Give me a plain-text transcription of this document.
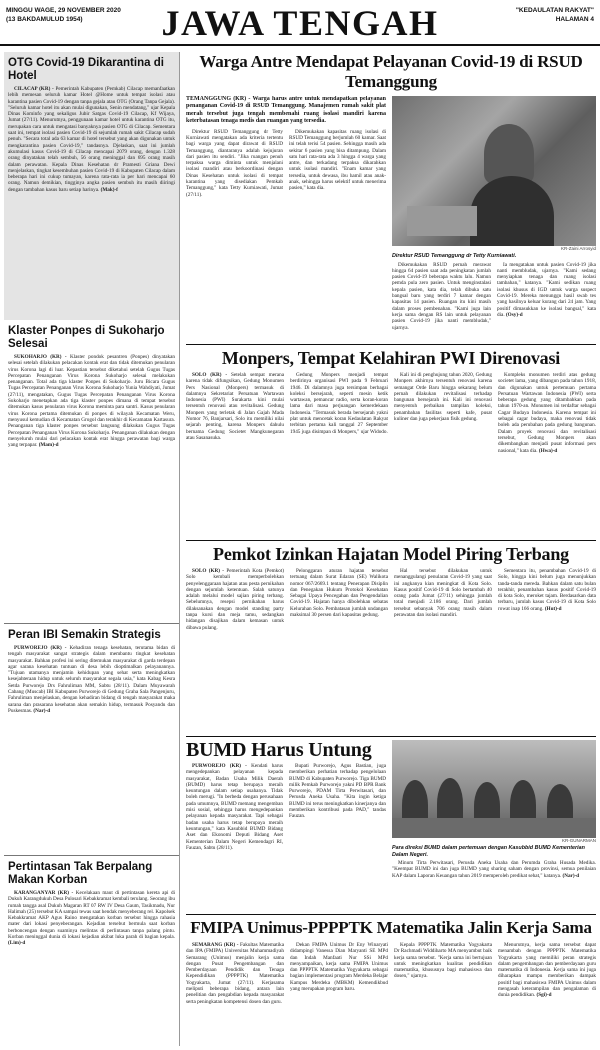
MINGGU WAGE, 29 NOVEMBER 2020
(13 BAKDAMULUD 1954)	JAWA TENGAH	"KEDAULATAN RAKYAT"
HALAMAN 4
OTG Covid-19 Dikarantina di Hotel

CILACAP (KR) - Pemerintah Kabupaten (Pemkab) Cilacap memanfaatkan lebih memesan seluruh kamar Hotel @Home untuk tempat isolasi atau karantina pasien Covid-19 dengan tanpa gejala atau OTG (Orang Tanpa Gejala). "Seluruh kamar hotel itu akan mulai digunakan, Senin mendatang," ujar Kepala Dinas Kominfo yang sekaligus Jubir Satgas Covid-19 Cilacap, Kf Wijaya, Jumat (27/11). Menurutnya, penggunaan kamar hotel untuk karantina OTG itu, merupakan cara untuk mengatasi banyaknya pasien OTG di Cilacap. Sementara saat ini, tempat isolasi pasien Covid-19 di sejumlah rumah sakit Cilacap sudah penuh. "Secara total ada 63 kamar di hotel tersebut yang akan digunakan untuk mengkarantina pasien Covid-19," tandasnya. Djelaskan, saat ini jumlah akumulasi kasus Covid-19 di Cilacap mencapai 2079 orang, dengan 1.328 orang dinyatakan telah sembuh, 56 orang meninggal dan 695 orang masih dalam perawatan. Kepala Dinas Kesehatan dr Pramesti Griana Dewi menjelaskan, tingkat kesembuhan pasien Covid-19 di Kabupaten Cilacap dalam beberapa hari ini cukup tumayan, karena rata-rata ia per hari mencapai 60 orang. Namun demikian, tingginya angka pasien sembuh itu masih diiringi dengan tambahan kasus baru setiap harinya. (Mak)-f

Klaster Ponpes di Sukoharjo Selesai

SUKOHARJO (KR) - Klaster pondok pesantren (Ponpes) dinyatakan selesai setelah dilakukan pelacakan kontak erat dan tidak ditemukan penularan virus Korona lagi di luar. Kepastian tersebut diketahui setelah Gugus Tugas Percepatan Penanganan Virus Korona Sukoharjo selesai melakukan penanganan. Total ada tiga klaster Ponpes di Sukoharjo. Juru Bicara Gugus Tugas Percepatan Penanganan Virus Korona Sukoharjo Yunia Wahdiyati, Jumat (27/11), mengatakan, Gugus Tugas Percepatan Penanganan Virus Korona Sukoharjo menetapkan ada tiga klaster ponpes dimana di tempat tersebut ditemukan kasus penularan virus Korona meminta para santri. Kasus penularan virus Korona pertama ditemukan di ponpes di wilayah Kecamatan Weru, menyusul kemudian di Kecamatan Grogol dan terakhir di Kecamatan Kartasura. Penanganan tiga klaster ponpes tersebut langsung dilakukan Gugus Tugas Percepatan Penanganan Virus Korona Sukoharjo. Penanganan dilakukan dengan menyeluruh mulai dari pelacakan kontak erat hingga perawatan bagi warga yang terpapar. (Mam)-d

Peran IBI Semakin Strategis

PURWOREJO (KR) - Kehadiran tenaga kesehatan, terutama bidan di tengah masyarakat sangat strategis dalam membantu tingkat kesehatan masyarakat. Bahkan profesi ini sering ditemukan masyarakat di garda terdepan agar sarana kesehatan tuntuan di desa lebih dioptimalkan pelayanannya. "Tujuan utamanya menjamin kehidupan yang sehat serta meningkatkan kesejahteraan hidup untuk seluruh masyarakat segala usia," kata Kabag Kesra Setda Purworejo Drs Fahruliman MM, Sabtu (28/11). Dalam Muyawarah Cabang (Muscab) IBI Kabupaten Purworejo di Gedung Graha Sala Pangenjuru, Fahruliman menjelaskan, dengan kehadiran bidang di tengah masyarakat maka sarana dan prasarana kesehatan akan semakin hidup, termasuk Posyandu dan Puskesmas. (Nar)-d

Pertintasan Tak Berpalang Makan Korban

KARANGANYAR (KR) - Kecelakaan maut di pertintasan kereta api di Dukuh Karangdukuh Desa Pulosari Kebakkramat kembali terulang. Seorang ibu rumah tangga asal Dukuh Magaran RT 07 RW IV Desa Gaum, Tasikmadu, Nur Halimah (25) tersebut KA sampai tewas saat hendak menyeberang rel. Kapolsek Kebakkramat AKP Agus Raino mengatakan korban tersebut hingga rahasia mater dari lokasi penyeberangan. Kejadian tersebut bermula saat korban berboncengan dengan suaminya melintas di perlintasan tanpa palang pintu. Korban meninggal dunia di lokasi kejadian akibat luka parah di bagian kepala. (Lim)-d

Warga Antre Mendapat Pelayanan Covid-19 di RSUD Temanggung

TEMANGGUNG (KR) - Warga harus antre untuk mendapatkan pelayanan penanganan Covid-19 di RSUD Temanggung. Manajemen rumah sakit plat merah tersebut juga tengah membenahi ruang isolasi mandiri karena keterbatasan tenaga medis dan ruangan yang tersedia.

Direktur RSUD Temanggung dr Tetty Kurniawati mengatakan ada kriteria tertentu bagi warga yang dapat dirawat di RSUD Temanggung, diantaranya adalah kejujuran dari pasien itu sendiri. "Jika ruangan penuh terpaksa warga diminta untuk menjalani isolasi mandiri atau berkoordinasi dengan Dinas Kesehatan untuk isolasi di tempat karantina yang disediakan Pemkab Temanggung," kata Tetty Kurniawati, Jumat (27/11).

Dikemukakan kapasitas ruang isolasi di RSUD Temanggung berjumlah 60 kamar. Saat ini telah terisi 54 pasien. Sehingga masih ada sekitar 6 pasien yang bisa ditampung. Dalam satu hari rata-rata ada 3 hingga 4 warga yang antre, dan terkadang terpaksa dikarahkan untuk isolasi mandiri. "Enam kamar yang tersedia, untuk dewasa, ibu hamil atau anak-anak, sehingga harus selektif untuk menerima pasien," kata dia.

KR-Zaini Arrosyid

Direktur RSUD Temanggung dr Tetty Kurniawati.

Dikemukakan RSUD pernah merawat hingga 64 pasien saat ada peningkatan jumlah pasien Covid-19 beberapa waktu lalu. Namun pemda pula zero pasien. Untuk menginstalasi kepala pasien, kata dia, telah dibuka satu bangsal baru yang terdiri 7 kamar dengan kapasitas 14 pasien. Ruangan itu kini masih dalam proses pembenahan. "Kami juga lain kerja sama dengan RS lain untuk pelayanan pasien Covid-19 jika nanti membludak," ujarnya.

Ia mengatakan untuk pasien Covid-19 jika nanti membludak, ujarnya. "Kami sedang menyiapkan tenaga dan ruang isolasi tambahan," katanya. "Kami sedikan ruang isolasi khusus di IGD untuk warga suspect Covid-19. Mereka menunggu hasil swab tes yang hasilnya keluar kurang dari 24 jam. Yang positif dimasukkan ke isolasi bangsal," kata dia. (Osy)-d

Monpers, Tempat Kelahiran PWI Direnovasi

SOLO (KR) - Setelah sempat merana karena tidak difungsikan, Gedung Monumen Pers Nasional (Monpers) termasuk di dalamnya Sekretariat Persatuan Wartawan Indonesia (PWI) Surakarta kini mulai tersentuh renovasi atau revitalisasi. Gedung Monpers yang terletak di Jalan Gajah Mada Nomor 76, Banjarsari, Solo itu memiliki nilai sejarah penting, karena Monpers dahulu bernama Gedung Societet Mangkunegaran atau Sasanasuka.

Gedung Monpers menjadi tempat berdirinya organisasi PWI pada 9 Februari 1946. Di dalamnya juga tersimpan berbagai koleksi bersejarah, seperti mesin ketik wartawan, pemancar radio, serta koran-koran lama dari masa perjuangan kemerdekaan Indonesia. "Termasuk berada bersejarah yakni plat untuk mencetak koran Kedaulatan Rakyat terbitan pertama kali tanggal 27 September 1945 juga disimpan di Monpers," ujar Widodo.

Kali ini di penghujung tahun 2020, Gedung Monpers akhirnya tersentuh renovasi karena semangat Orde Baru hingga sekarang belum pernah dilakukan revitalisasi terhadap bangunan bersejarah ini. Kali ini renovasi menyentuh perbaikan tampilan koleksi, penambahan fasilitas seperti kafe, pusat kuliner dan juga pekerjaan fisik gedung.

Kompleks monumen terdiri atas gedung societet lama, yang dibangun pada tahun 1918, dan digunakan untuk pertemuan pertama Persatuan Wartawan Indonesia (PWI) serta beberapa gedung yang ditambahkan pada tahun 1970-an. Monumen ini terdaftar sebagai Cagar Budaya Indonesia. Karena tempat ini sebagai cagar budaya, maka renovasi tidak boleh ada perubahan pada gedung bangunan. Dalam proyek renovasi dan revitalisasi tersebut, Gedung Monpers akan dikembangkan menjadi pusat informasi pers nasional," kata dia. (Hwa)-d

Pemkot Izinkan Hajatan Model Piring Terbang

SOLO (KR) - Pemerintah Kota (Pemkot) Solo kembali memperbolehkan penyelenggaraan hajatan atau pesta pernikahan dengan sejumlah ketentuan. Salah satunya adalah melalui model sajian piring terbang. Sebelumnya, resepsi pernikahan harus dilaksanakan dengan model standing party tanpa kursi dan meja tamu, sedangkan hidangan disajikan dalam kemasan untuk dibawa pulang.

Pelonggaran aturan hajatan tersebut tertuang dalam Surat Edaran (SE) Walikota nomor 067/2669.1 tentang Penerapan Disiplin dan Penegakan Hukum Protokol Kesehatan Sebagai Upaya Pencegahan dan Pengendalian Covid-19. Hajatan hanya dibolehkan sebatas Kelurahan Solo. Pembatasan jumlah undangan maksimal 30 persen dari kapasitas gedung.

Hal tersebut dilakukan untuk menanggulangi penularan Covid-19 yang saat ini angkanya kian meningkat di Kota Solo. Kasus positif Covid-19 di Solo bertambah 40 orang pada Jumat (27/11) sehingga jumlah total menjadi 2.186 orang. Dari jumlah tersebut sebanyak 706 orang masih dalam perawatan dan isolasi mandiri.

Sementara itu, penambahan Covid-19 di Solo, hingga kini belum juga menunjukkan tanda-tanda mereda. Bahkan dalam satu bulan terakhir, penambahan kasus positif Covid-19 di kota Solo, meroket tajam. Berdasarkan data terbaru, jumlah kasus Covid-19 di Kota Solo rowat inap 166 orang. (Hut)-d

BUMD Harus Untung

PURWOREJO (KR) - Kendati harus mengedepankan pelayanan kepada masyarakat, Badan Usaha Milik Daerah (BUMD) harus tetap berupaya meraih keuntungan dalam setiap usahanya. Tidak boleh merugi. "In berbeda dengan perusahaan pada umumnya, BUMD memang mengemban misi sosial, sehingga harus mengedepankan pelayanan kepada masyarakat. Tapi sebagai badan usaha harus tetap berupaya meraih keuntungan," kata Kasubbid BUMD Bidang Aset dan Ekonomi Deputi Bidang Aset Kementerian Dalam Negeri Kemendagri RI, Fauzan, Sabtu (28/11).

Bupati Purworejo, Agus Bastian, juga memberikan perhatian terhadap pengelolaan BUMD di Kabupaten Purworejo. Tiga BUMD milik Pemkab Purworejo yakni PD BPR Bank Purworejo, PDAM Tirta Perwitasari, dan Perusda Aneka Usaha. "Kita ingin ketiga BUMD ini terus meningkatkan kinerjanya dan memberikan kontribusi pada PAD," tandas Fauzan.

KR-GUNARMAN

Para direksi BUMD dalam pertemuan dengan Kasubbid BUMD Kementerian Dalam Negeri.

Minum Tirta Perwitasari, Perusda Aneka Usaha dan Perumda Graha Husada Medika. "Keempat BUMD ini dan juga BUMD yang sharing saham dengan provinsi, semua penilaian KAP dalam Laporan Keuangan tahun 2019 memperoleh predikat sehat," katanya. (Nar)-d

FMIPA Unimus-PPPPTK Matematika Jalin Kerja Sama

SEMARANG (KR) - Fakultas Matematika dan IPA (FMIPA) Universitas Muhammadiyah Semarang (Unimus) menjalin kerja sama dengan Pusat Pengembangan dan Pemberdayaan Pendidik dan Tenaga Kependidikan (PPPPTK) Matematika Yogyakarta, Jumat (27/11). Kerjasama meliputi beberapa bidang, antara lain penelitian dan pengabdian kepada masyarakat serta peningkatan kompetensi dosen dan guru.

Dekan FMIPA Unimus Dr Eny Winaryati didampingi Vanessa Dian Maryanti SE MPd dan Indah Manfaati Nur SSi MPd menyampaikan, kerja sama FMIPA Unimus dan PPPPTK Matematika Yogyakarta sebagai bagian implementasi program Merdeka Belajar Kampus Merdeka (MBKM) Kemendikbud yang merupakan program baru.

Kepala PPPPTK Matematika Yogyakarta Dr Rachmadi Widdiharto MA menyambut baik kerja sama tersebut. "Kerja sama ini bertujuan untuk meningkatkan kualitas pendidikan matematika, khususnya bagi mahasiswa dan dosen," ujarnya.

Menurutnya, kerja sama tersebut dapat menambah dengan PPPPTK Matematika Yogyakarta yang memiliki peran strategis dalam pengembangan dan pemberdayaan guru matematika di Indonesia. Kerja sama ini juga diharapkan mampu memberikan dampak positif bagi mahasiswa FMIPA Unimus dalam mengasah keterampilan dan pengalaman di dunia pendidikan. (Sgi)-d
